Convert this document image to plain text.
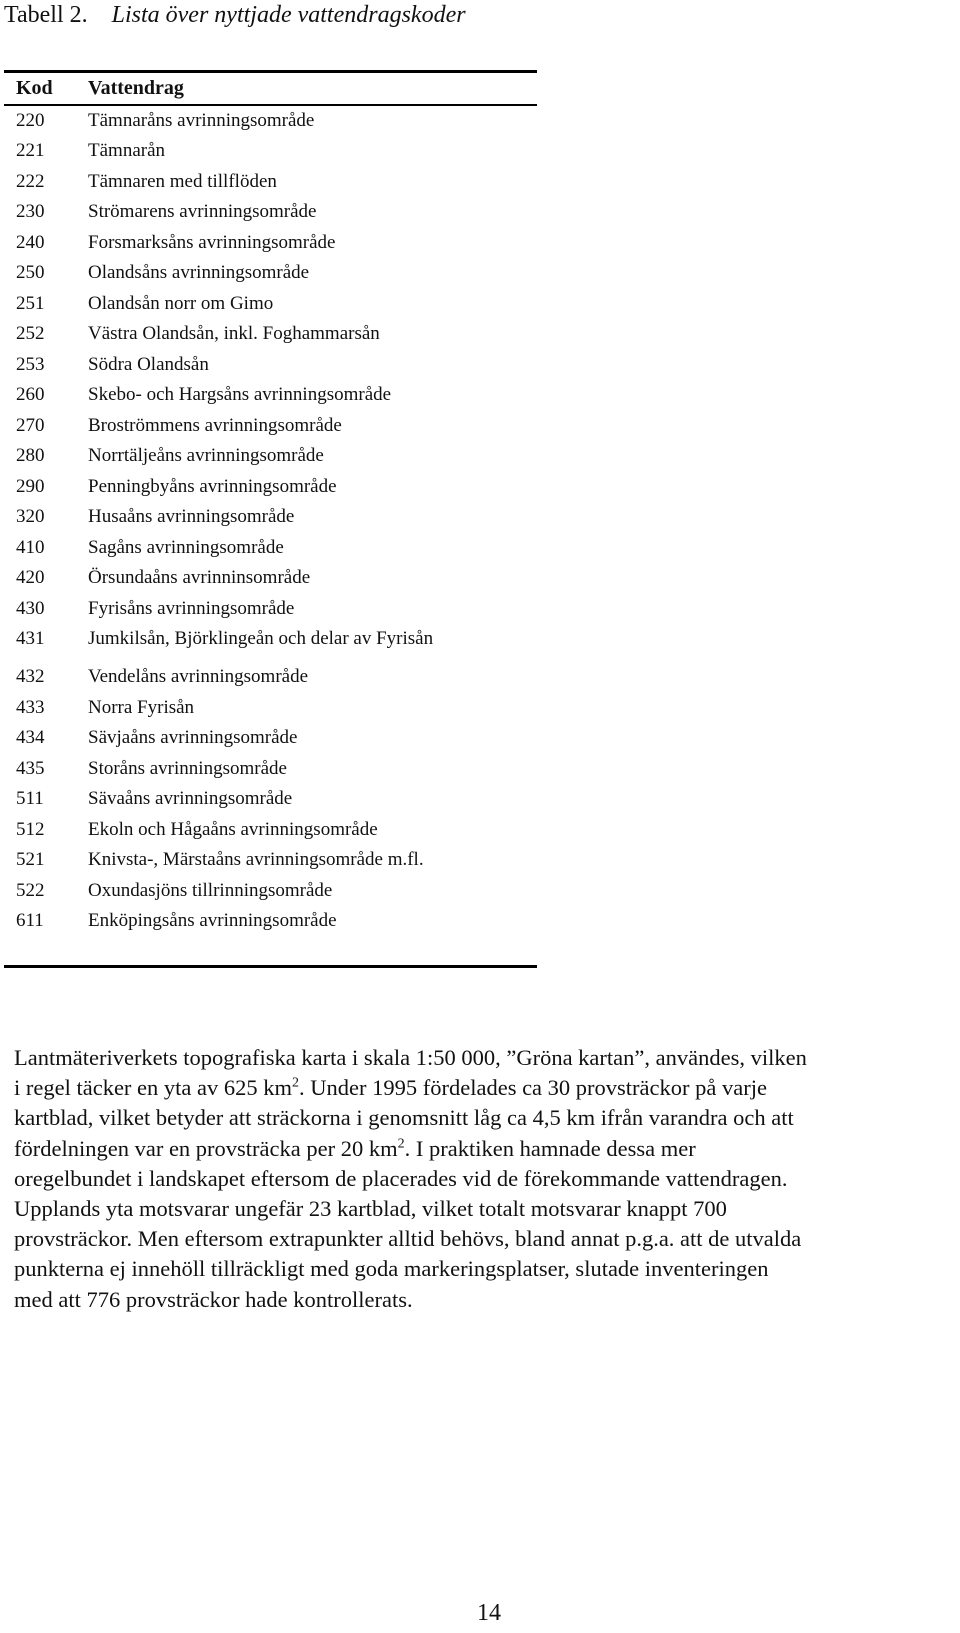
Tabell 2. Lista över nyttjade vattendragskoder
Kod Vattendrag
220 Tämnaråns avrinningsområde
221 Tämnarån
222 Tämnaren med tillflöden
230 Strömarens avrinningsområde
240 Forsmarksåns avrinningsområde
250 Olandsåns avrinningsområde
251 Olandsån norr om Gimo
252 Västra Olandsån, inkl. Foghammarsån
253 Södra Olandsån
260 Skebo- och Hargsåns avrinningsområde
270 Broströmmens avrinningsområde
280 Norrtäljeåns avrinningsområde
290 Penningbyåns avrinningsområde
320 Husaåns avrinningsområde
410 Sagåns avrinningsområde
420 Örsundaåns avrinninsområde
430 Fyrisåns avrinningsområde
431 Jumkilsån, Björklingeån och delar av Fyrisån
432 Vendelåns avrinningsområde
433 Norra Fyrisån
434 Sävjaåns avrinningsområde
435 Storåns avrinningsområde
511 Sävaåns avrinningsområde
512 Ekoln och Hågaåns avrinningsområde
521 Knivsta-, Märstaåns avrinningsområde m.fl.
522 Oxundasjöns tillrinningsområde
611 Enköpingsåns avrinningsområde

Lantmäteriverkets topografiska karta i skala 1:50 000, ”Gröna kartan”, användes, vilken

i regel täcker en yta av 625 $km^2$. Under 1995 fördelades ca 30 provsträckor på varje

kartblad, vilket betyder att sträckorna i genomsnitt låg ca 4,5 km ifrån varandra och att

fördelningen var en provsträcka per 20 $km^2$. I praktiken hamnade dessa mer

oregelbundet i landskapet eftersom de placerades vid de förekommande vattendragen.

Upplands yta motsvarar ungefär 23 kartblad, vilket totalt motsvarar knappt 700

provsträckor. Men eftersom extrapunkter alltid behövs, bland annat p.g.a. att de utvalda

punkterna ej innehöll tillräckligt med goda markeringsplatser, slutade inventeringen

med att 776 provsträckor hade kontrollerats.

14
